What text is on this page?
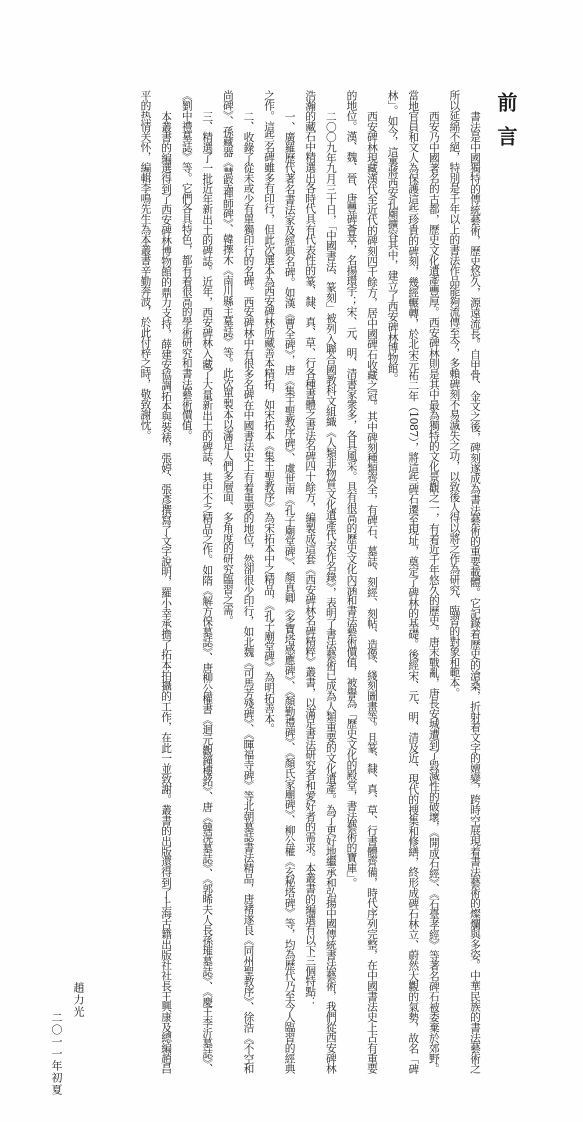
前言

書法是中國獨特的傳統藝術，歷史悠久，源遠流長。自甲骨、金文之後，碑刻遂成為書法藝術的重要載體。它記錄着歷史的滄桑，折射着文字的嬗變，跨時空展現着書法藝術的燦爛與多姿。中華民族的書法藝術之所以延綿不絕，特別是千年以上的書法作品能夠流傳至今，多賴碑刻不易滅失之功，以致後人得以將之作為研究、臨習的對象和範本。

西安乃中國著名的古都，歷史文化遺產豐厚。西安碑林則是其中最為獨特的文化景觀之一，有着近千年悠久的歷史。唐末戰亂，唐長安城遭到了毀滅性的破壞，《開成石經》、《石臺孝經》等著名碑石被委棄於郊野。當地官員和文人為保護這些珍貴的碑刻，幾經輾轉，於北宋元祐二年（1087），將這些碑石遷至現址，奠定了碑林的基礎。後經宋、元、明、清及近、現代的搜集和修繕，終形成碑石林立、蔚然大觀的氣勢，故名「碑林」。如今，這裏將西安孔廟擴容其中，建立了西安碑林博物館。

西安碑林現藏漢代至近代的碑刻四千餘方，居中國碑石收藏之冠。其中碑刻種類齊全，有碑石、墓誌、刻經、刻帖、造像、綫刻圖畫等。且篆、隸、真、草、行書體齊備，時代序列完整，在中國書法史上占有重要的地位。漢、魏、晉、唐豐碑薈萃，名揚環宇；宋、元、明、清書家衆多，各具風采。具有很高的歷史文化內涵和書法藝術價值，被譽為「歷史文化的殿堂，書法藝術的寶庫」。

二〇〇九年九月三十日，「中國書法、篆刻」被列入聯合國教科文組織《人類非物質文化遺產代表作名錄》，表明了書法藝術已成為人類重要的文化遺產。為了更好地繼承和弘揚中國傳統書法藝術，我們從西安碑林浩瀚的藏石中精選出各時代具有代表性的篆、隸、真、草、行各種書體之書法名碑四十餘方，編製成這套《西安碑林名碑精粹》叢書，以滿足書法研究者和愛好者的需求。本叢書的編選有以下三個特點：

一、廣羅歷代著名書法家及經典名碑。如漢《曹全碑》，唐《集王聖教序碑》、虞世南《孔子廟堂碑》、顏真卿《多寶塔感應碑》、《顏勤禮碑》、《顏氏家廟碑》、柳公權《玄秘塔碑》等，均為歷代乃至今人臨習的經典之作。這些名碑雖多有印行，但此次選本為西安碑林所藏善本精拓，如宋拓本《集王聖教序》為宋拓本中之精品，《孔子廟堂碑》為明拓善本。

二、收錄了從未或少有單獨印行的名碑。西安碑林中有很多名碑在中國書法史上有着重要的地位，然卻很少印行，如北魏《司馬芳殘碑》、《暉福寺碑》等北朝墓誌書法精品，唐褚遂良《同州聖教序》、徐浩《不空和尚碑》、孫藏器《慧堅禪師碑》、韓擇木《南川縣主墓誌》等。此次單製本以滿足人們多層面、多角度的研究臨習之需。

三、精選了一批近年新出土的碑誌。近年，西安碑林入藏了大量新出土的碑誌，其中不乏精品之作。如隋《解方保墓誌》、唐柳公權書《迴元觀鐘樓銘》、唐《韓滉墓誌》、《郭晞夫人長孫璀墓誌》、《慶王李沂墓誌》、《劉中禮墓誌》等。它們各具特色，都有着很高的學術研究和書法藝術價值。

本叢書的編選得到了西安碑林博物館的鼎力支持，薛建安協調拓本與裝裱，張婷、張彥撰寫了文字說明，羅小幸承擔了拓本拍攝的工作，在此一並致謝。叢書的出版還得到了上海古籍出版社社長王興康及總編趙昌平的热情关怀，編輯李鳴先生為本叢書辛勤奔波，於此付梓之時，敬致謝忱。

趙力光
二〇一一年初夏
